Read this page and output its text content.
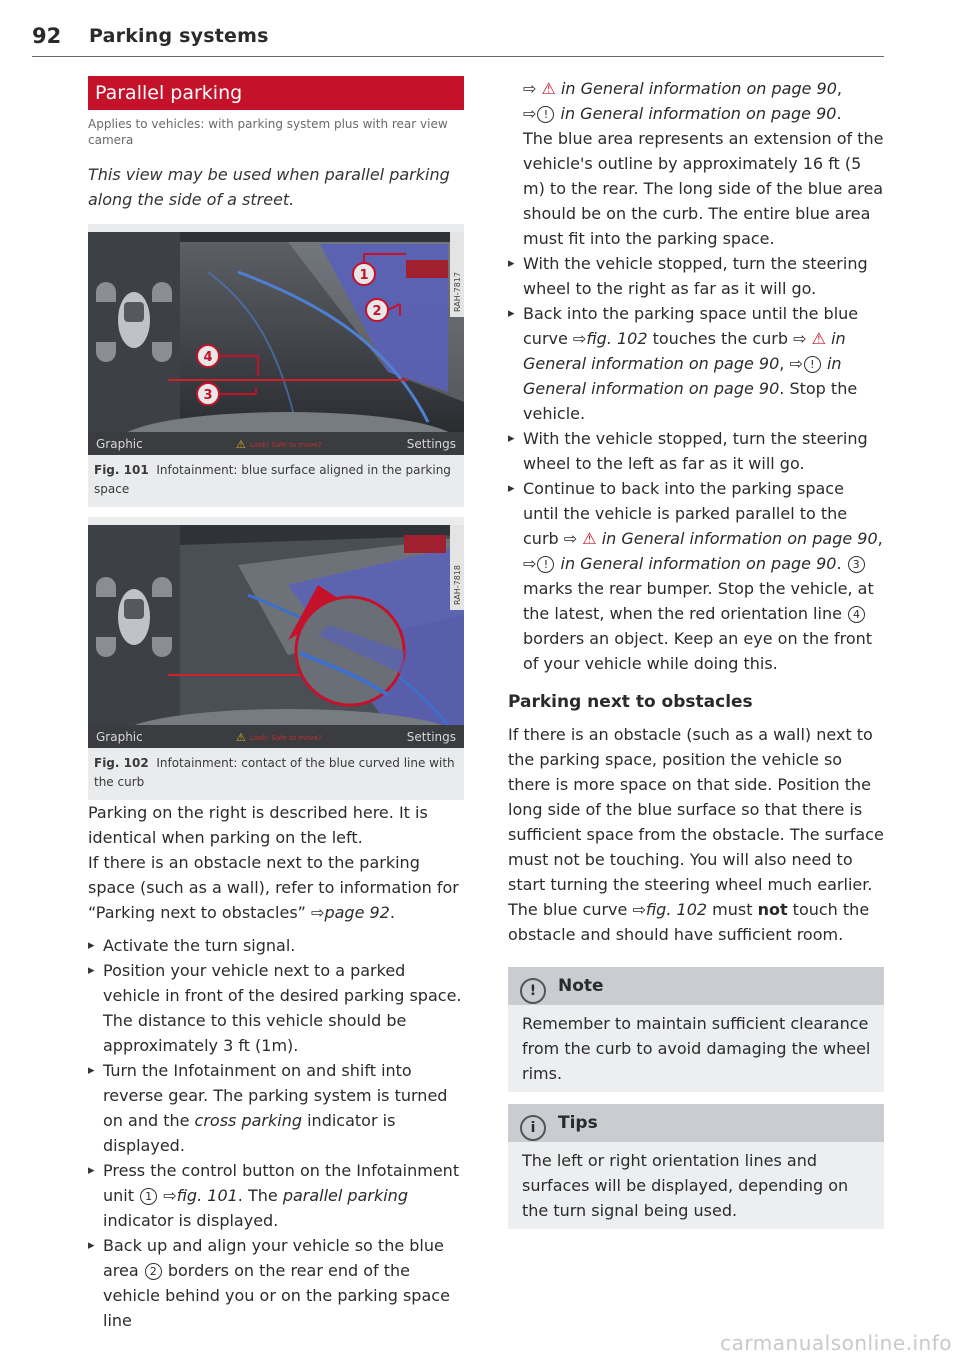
92 Parking systems
Parallel parking
Applies to vehicles: with parking system plus with rear view camera
This view may be used when parallel parking along the side of a street.
RAH-7817
1
2
3
4
Graphic	⚠ Look! Safe to move?	Settings
Fig. 101 Infotainment: blue surface aligned in the parking space
RAH-7818
Graphic	⚠ Look! Safe to move?	Settings
Fig. 102 Infotainment: contact of the blue curved line with the curb

Parking on the right is described here. It is identical when parking on the left.

If there is an obstacle next to the parking space (such as a wall), refer to information for “Parking next to obstacles” ⇨page 92.

▸ Activate the turn signal.
▸ Position your vehicle next to a parked vehicle in front of the desired parking space. The distance to this vehicle should be approximately 3 ft (1m).
▸ Turn the Infotainment on and shift into reverse gear. The parking system is turned on and the cross parking indicator is displayed.
▸ Press the control button on the Infotainment unit 1 ⇨fig. 101. The parallel parking indicator is displayed.
▸ Back up and align your vehicle so the blue area 2 borders on the rear end of the vehicle behind you or on the parking space line

⇨ ⚠ in General information on page 90,
⇨ ! in General information on page 90.

The blue area represents an extension of the vehicle's outline by approximately 16 ft (5 m) to the rear. The long side of the blue area should be on the curb. The entire blue area must fit into the parking space.

▸ With the vehicle stopped, turn the steering wheel to the right as far as it will go.
▸ Back into the parking space until the blue curve ⇨fig. 102 touches the curb ⇨ ⚠ in General information on page 90, ⇨ ! in General information on page 90. Stop the vehicle.
▸ With the vehicle stopped, turn the steering wheel to the left as far as it will go.
▸ Continue to back into the parking space until the vehicle is parked parallel to the curb ⇨ ⚠ in General information on page 90, ⇨ ! in General information on page 90. 3 marks the rear bumper. Stop the vehicle, at the latest, when the red orientation line 4 borders an object. Keep an eye on the front of your vehicle while doing this.
Parking next to obstacles

If there is an obstacle (such as a wall) next to the parking space, position the vehicle so there is more space on that side. Position the long side of the blue surface so that there is sufficient space from the obstacle. The surface must not be touching. You will also need to start turning the steering wheel much earlier. The blue curve ⇨fig. 102 must not touch the obstacle and should have sufficient room.

! Note
Remember to maintain sufficient clearance from the curb to avoid damaging the wheel rims.
i Tips
The left or right orientation lines and surfaces will be displayed, depending on the turn signal being used.
carmanualsonline.info
